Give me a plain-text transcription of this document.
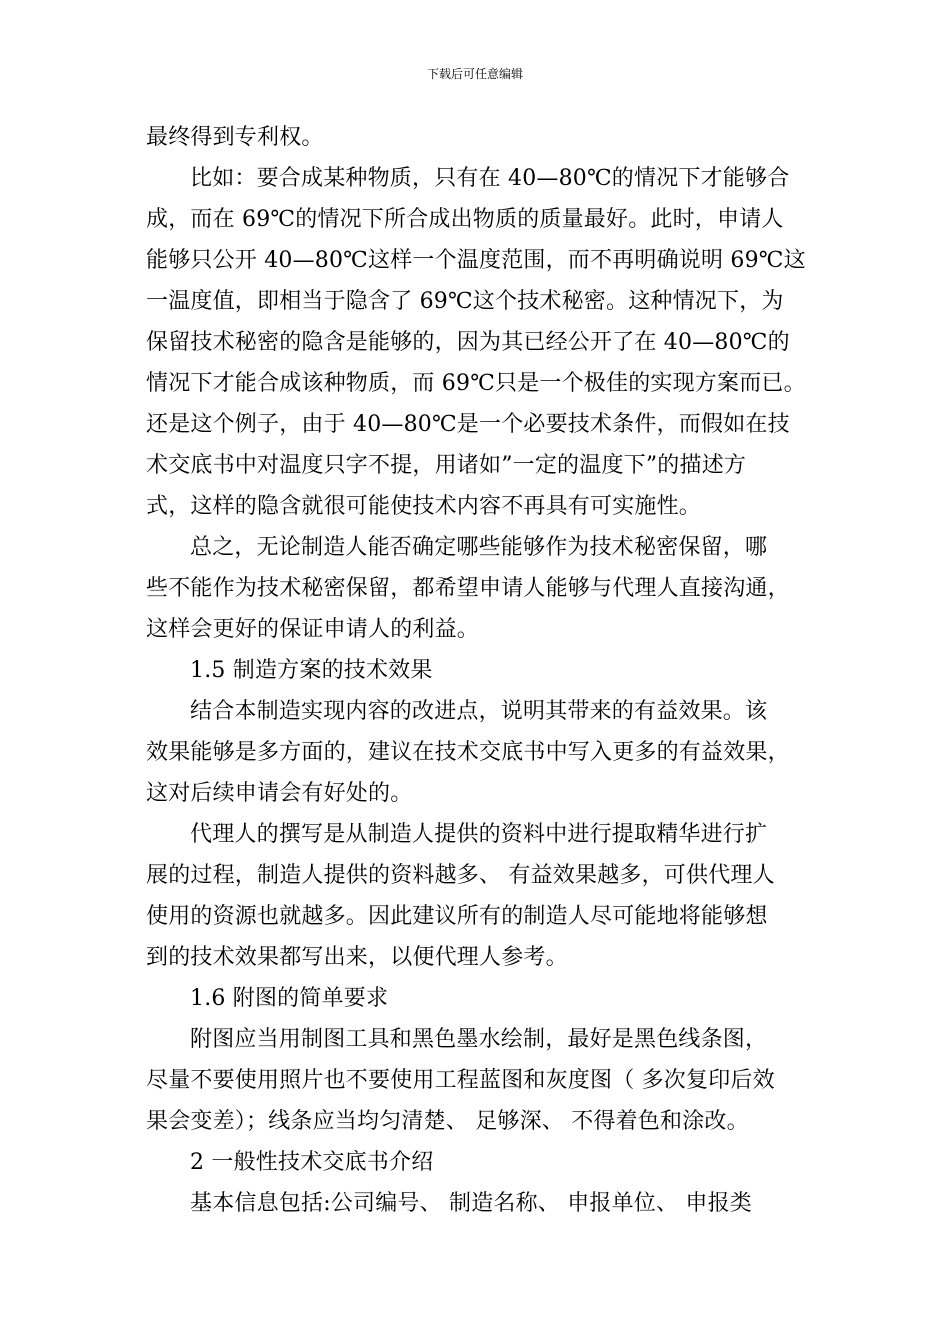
下载后可任意编辑
最终得到专利权。
比如：要合成某种物质，只有在 40—80℃的情况下才能够合
成，而在 69℃的情况下所合成出物质的质量最好。此时，申请人
能够只公开 40—80℃这样一个温度范围，而不再明确说明 69℃这
一温度值，即相当于隐含了 69℃这个技术秘密。这种情况下，为
保留技术秘密的隐含是能够的，因为其已经公开了在 40—80℃的
情况下才能合成该种物质，而 69℃只是一个极佳的实现方案而已。
还是这个例子，由于 40—80℃是一个必要技术条件，而假如在技
术交底书中对温度只字不提，用诸如”一定的温度下”的描述方
式，这样的隐含就很可能使技术内容不再具有可实施性。
总之，无论制造人能否确定哪些能够作为技术秘密保留，哪
些不能作为技术秘密保留，都希望申请人能够与代理人直接沟通，
这样会更好的保证申请人的利益。
1.5 制造方案的技术效果
结合本制造实现内容的改进点，说明其带来的有益效果。该
效果能够是多方面的，建议在技术交底书中写入更多的有益效果，
这对后续申请会有好处的。
代理人的撰写是从制造人提供的资料中进行提取精华进行扩
展的过程，制造人提供的资料越多、 有益效果越多，可供代理人
使用的资源也就越多。因此建议所有的制造人尽可能地将能够想
到的技术效果都写出来，以便代理人参考。
1.6 附图的简单要求
附图应当用制图工具和黑色墨水绘制，最好是黑色线条图，
尽量不要使用照片也不要使用工程蓝图和灰度图（ 多次复印后效
果会变差）；线条应当均匀清楚、 足够深、 不得着色和涂改。
2 一般性技术交底书介绍
基本信息包括:公司编号、 制造名称、 申报单位、 申报类
